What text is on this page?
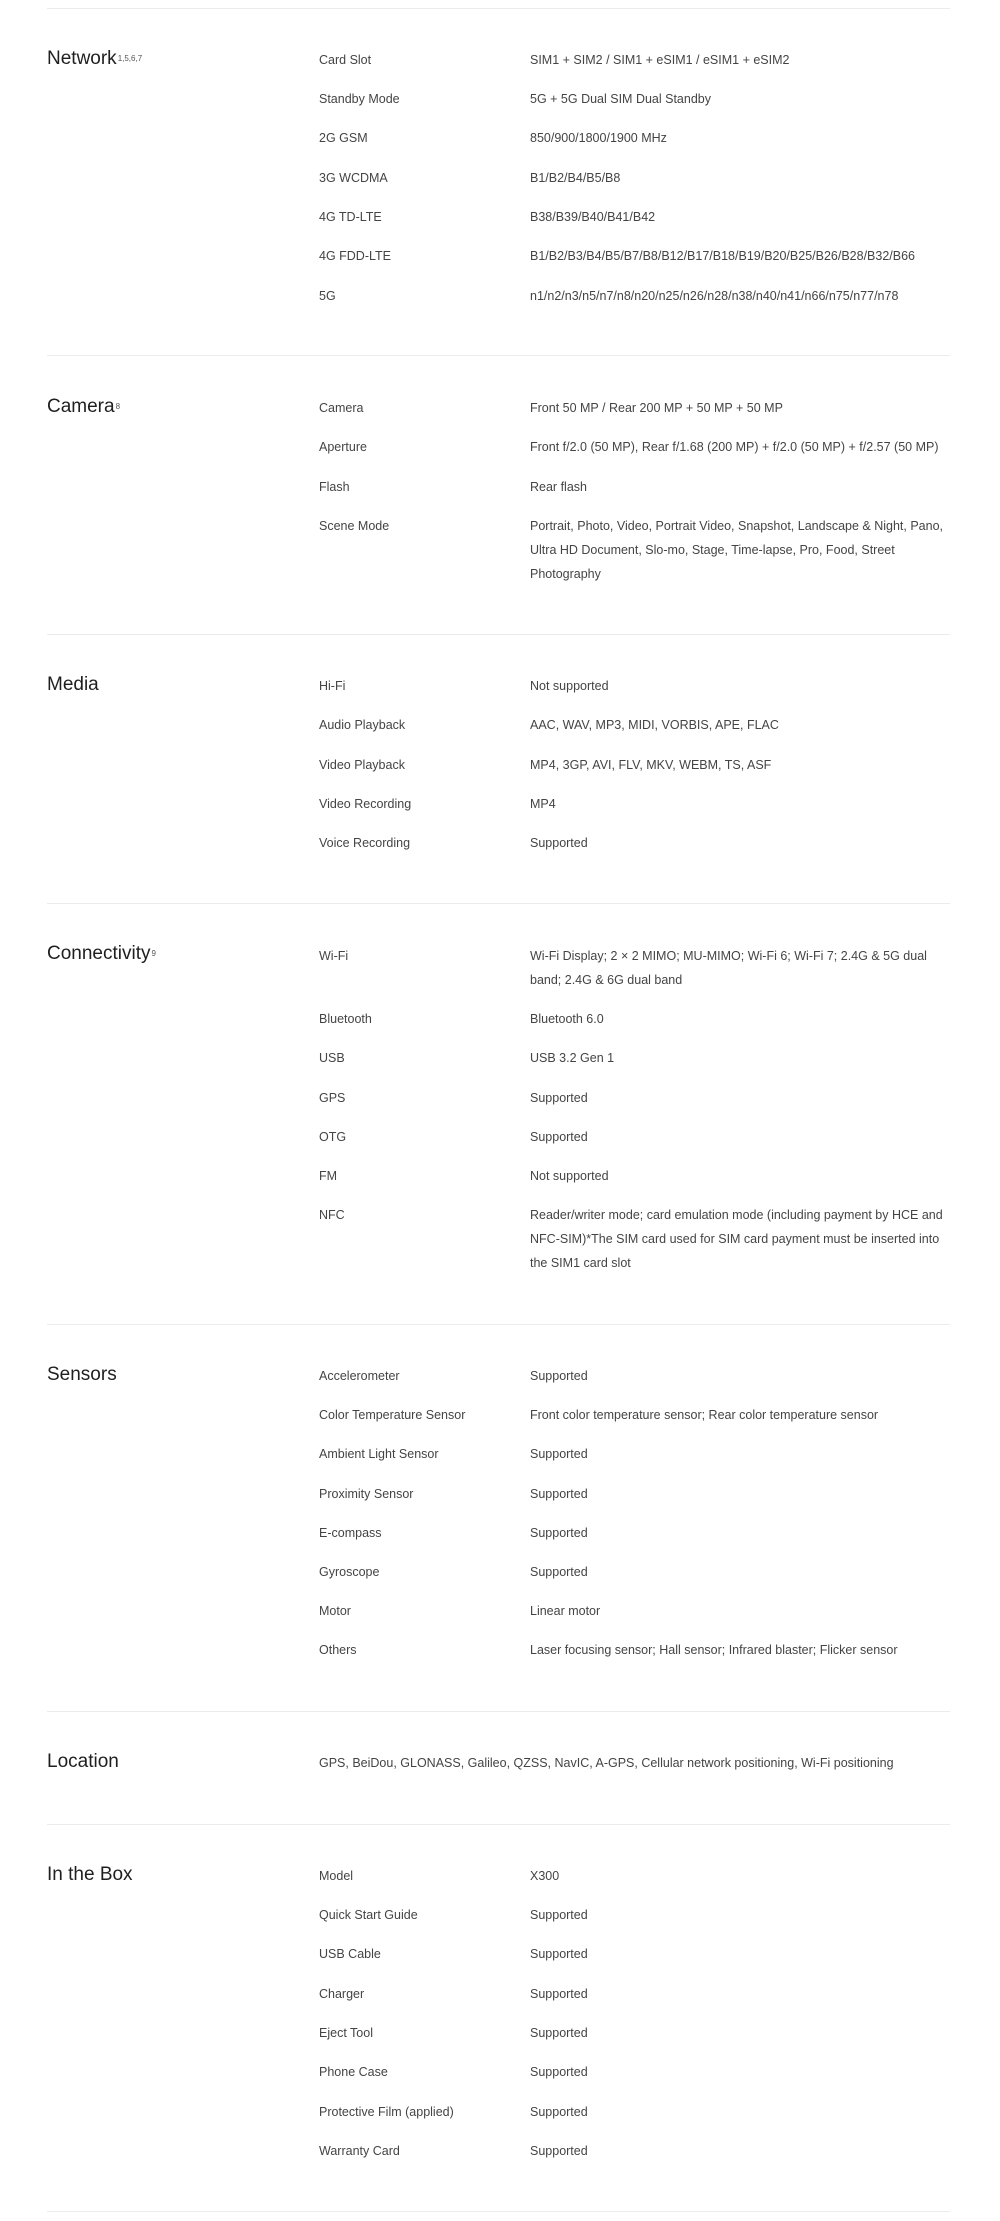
Network$^{1,5,6,7}$	Card Slot	SIM1 + SIM2 / SIM1 + eSIM1 / eSIM1 + eSIM2
Standby Mode	5G + 5G Dual SIM Dual Standby
2G GSM	850/900/1800/1900 MHz
3G WCDMA	B1/B2/B4/B5/B8
4G TD-LTE	B38/B39/B40/B41/B42
4G FDD-LTE	B1/B2/B3/B4/B5/B7/B8/B12/B17/B18/B19/B20/B25/B26/B28/B32/B66
5G	n1/n2/n3/n5/n7/n8/n20/n25/n26/n28/n38/n40/n41/n66/n75/n77/n78
Camera$^8$	Camera	Front 50 MP / Rear 200 MP + 50 MP + 50 MP
Aperture	Front f/2.0 (50 MP), Rear f/1.68 (200 MP) + f/2.0 (50 MP) + f/2.57 (50 MP)
Flash	Rear flash
Scene Mode	Portrait, Photo, Video, Portrait Video, Snapshot, Landscape & Night, Pano, Ultra HD Document, Slo-mo, Stage, Time-lapse, Pro, Food, Street Photography
Media	Hi-Fi	Not supported
Audio Playback	AAC, WAV, MP3, MIDI, VORBIS, APE, FLAC
Video Playback	MP4, 3GP, AVI, FLV, MKV, WEBM, TS, ASF
Video Recording	MP4
Voice Recording	Supported
Connectivity$^9$	Wi-Fi	Wi-Fi Display; 2 × 2 MIMO; MU-MIMO; Wi-Fi 6; Wi-Fi 7; 2.4G & 5G dual band; 2.4G & 6G dual band
Bluetooth	Bluetooth 6.0
USB	USB 3.2 Gen 1
GPS	Supported
OTG	Supported
FM	Not supported
NFC	Reader/writer mode; card emulation mode (including payment by HCE and NFC-SIM)*The SIM card used for SIM card payment must be inserted into the SIM1 card slot
Sensors	Accelerometer	Supported
Color Temperature Sensor	Front color temperature sensor; Rear color temperature sensor
Ambient Light Sensor	Supported
Proximity Sensor	Supported
E-compass	Supported
Gyroscope	Supported
Motor	Linear motor
Others	Laser focusing sensor; Hall sensor; Infrared blaster; Flicker sensor
Location	GPS, BeiDou, GLONASS, Galileo, QZSS, NavIC, A-GPS, Cellular network positioning, Wi-Fi positioning
In the Box	Model	X300
Quick Start Guide	Supported
USB Cable	Supported
Charger	Supported
Eject Tool	Supported
Phone Case	Supported
Protective Film (applied)	Supported
Warranty Card	Supported
